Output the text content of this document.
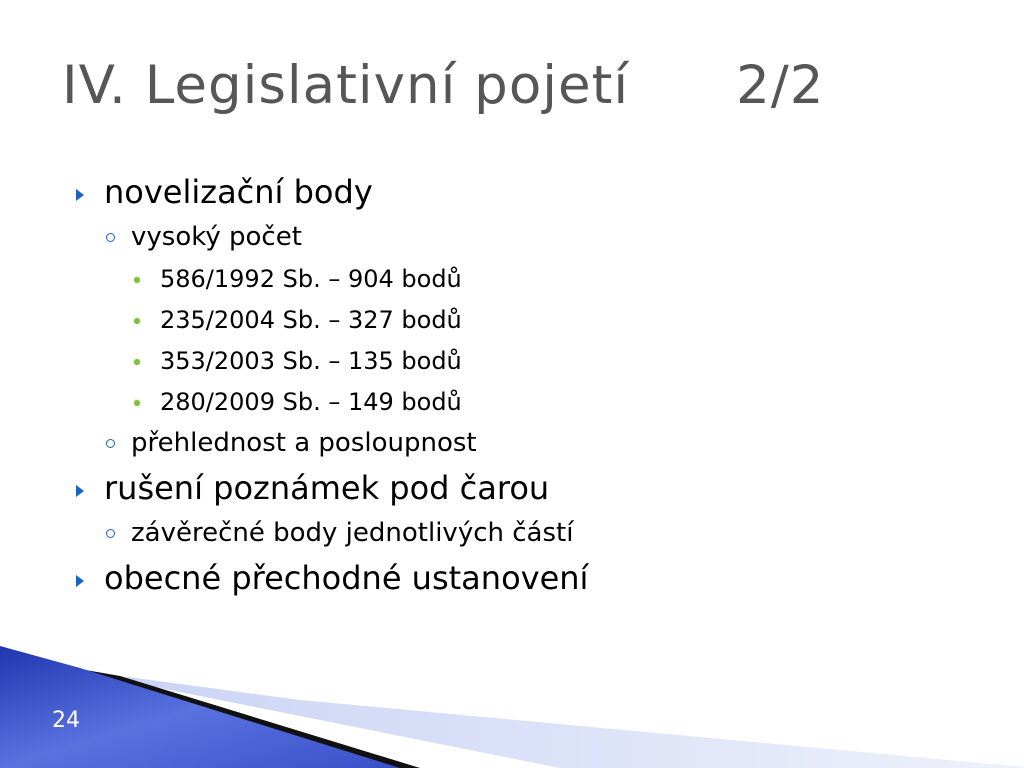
IV. Legislativní pojetí      2/2
novelizační body
vysoký počet
586/1992 Sb. – 904 bodů
235/2004 Sb. – 327 bodů
353/2003 Sb. – 135 bodů
280/2009 Sb. – 149 bodů
přehlednost a posloupnost
rušení poznámek pod čarou
závěrečné body jednotlivých částí
obecné přechodné ustanovení
24
